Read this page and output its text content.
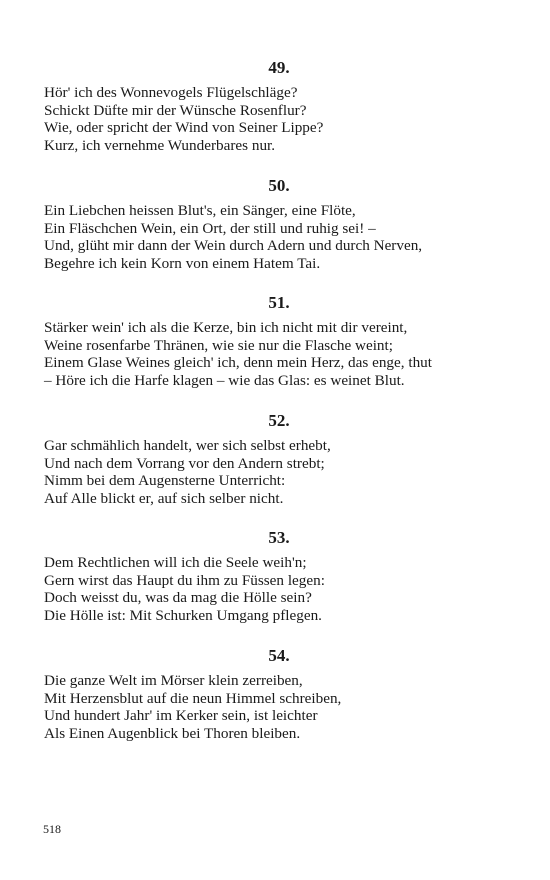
49.
Hör' ich des Wonnevogels Flügelschläge?
Schickt Düfte mir der Wünsche Rosenflur?
Wie, oder spricht der Wind von Seiner Lippe?
Kurz, ich vernehme Wunderbares nur.
50.
Ein Liebchen heissen Blut's, ein Sänger, eine Flöte,
Ein Fläschchen Wein, ein Ort, der still und ruhig sei! –
Und, glüht mir dann der Wein durch Adern und durch Nerven,
Begehre ich kein Korn von einem Hatem Tai.
51.
Stärker wein' ich als die Kerze, bin ich nicht mit dir vereint,
Weine rosenfarbe Thränen, wie sie nur die Flasche weint;
Einem Glase Weines gleich' ich, denn mein Herz, das enge, thut
– Höre ich die Harfe klagen – wie das Glas: es weinet Blut.
52.
Gar schmählich handelt, wer sich selbst erhebt,
Und nach dem Vorrang vor den Andern strebt;
Nimm bei dem Augensterne Unterricht:
Auf Alle blickt er, auf sich selber nicht.
53.
Dem Rechtlichen will ich die Seele weih'n;
Gern wirst das Haupt du ihm zu Füssen legen:
Doch weisst du, was da mag die Hölle sein?
Die Hölle ist: Mit Schurken Umgang pflegen.
54.
Die ganze Welt im Mörser klein zerreiben,
Mit Herzensblut auf die neun Himmel schreiben,
Und hundert Jahr' im Kerker sein, ist leichter
Als Einen Augenblick bei Thoren bleiben.
518
